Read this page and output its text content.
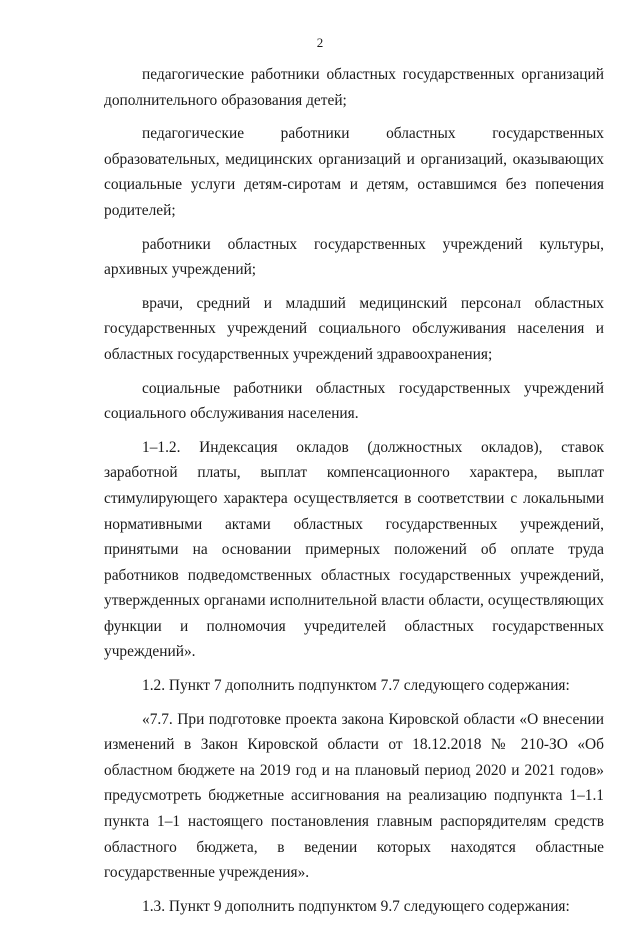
2

педагогические работники областных государственных организаций дополнительного образования детей;

педагогические работники областных государственных образовательных, медицинских организаций и организаций, оказывающих социальные услуги детям-сиротам и детям, оставшимся без попечения родителей;

работники областных государственных учреждений культуры, архивных учреждений;

врачи, средний и младший медицинский персонал областных государственных учреждений социального обслуживания населения и областных государственных учреждений здравоохранения;

социальные работники областных государственных учреждений социального обслуживания населения.

1–1.2. Индексация окладов (должностных окладов), ставок заработной платы, выплат компенсационного характера, выплат стимулирующего характера осуществляется в соответствии с локальными нормативными актами областных государственных учреждений, принятыми на основании примерных положений об оплате труда работников подведомственных областных государственных учреждений, утвержденных органами исполнительной власти области, осуществляющих функции и полномочия учредителей областных государственных учреждений».

1.2. Пункт 7 дополнить подпунктом 7.7 следующего содержания:

«7.7. При подготовке проекта закона Кировской области «О внесении изменений в Закон Кировской области от 18.12.2018 № 210-ЗО «Об областном бюджете на 2019 год и на плановый период 2020 и 2021 годов» предусмотреть бюджетные ассигнования на реализацию подпункта 1–1.1 пункта 1–1 настоящего постановления главным распорядителям средств областного бюджета, в ведении которых находятся областные государственные учреждения».

1.3. Пункт 9 дополнить подпунктом 9.7 следующего содержания:
